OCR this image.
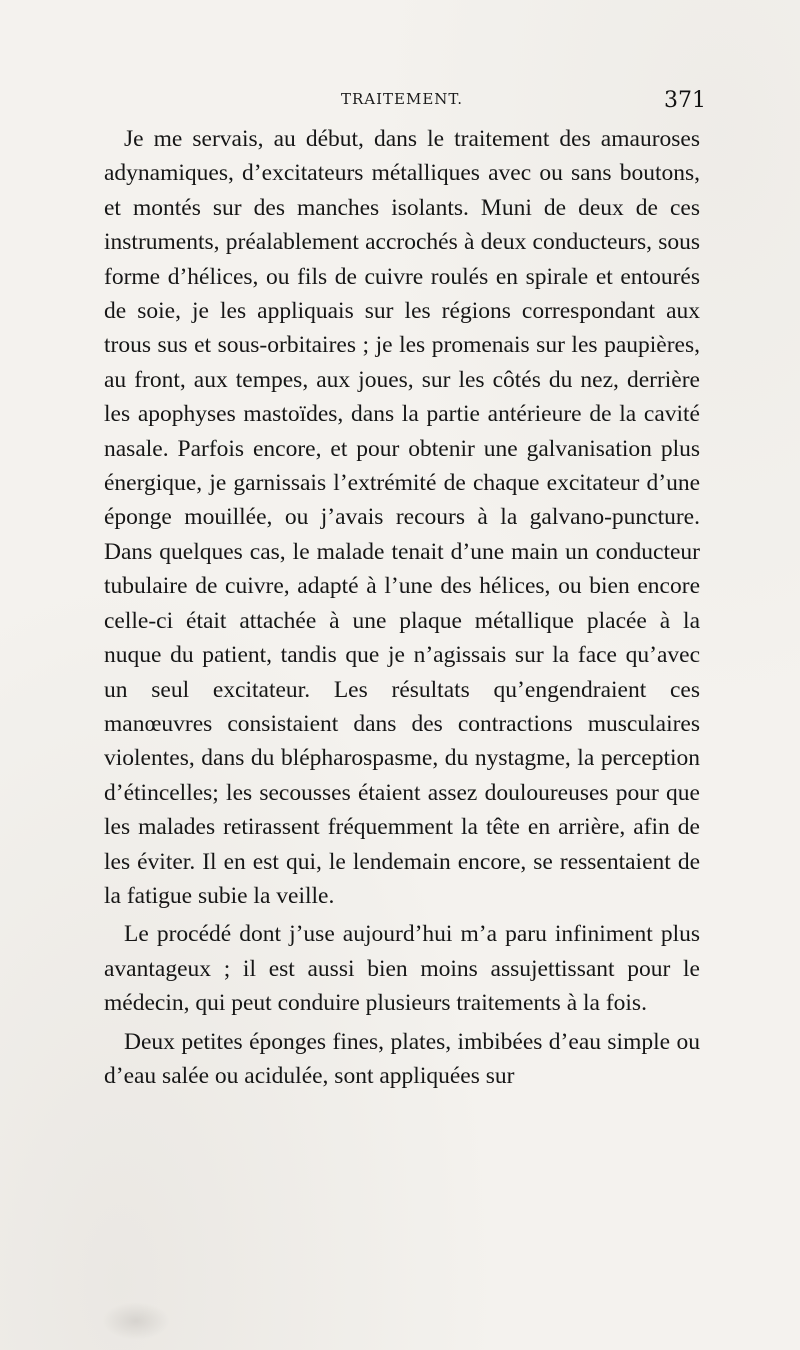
TRAITEMENT.	371

Je me servais, au début, dans le traitement des amauroses adynamiques, d’excitateurs métalliques avec ou sans boutons, et montés sur des manches isolants. Muni de deux de ces instruments, préalablement accrochés à deux conducteurs, sous forme d’hélices, ou fils de cuivre roulés en spirale et entourés de soie, je les appliquais sur les régions correspondant aux trous sus et sous-orbitaires ; je les promenais sur les paupières, au front, aux tempes, aux joues, sur les côtés du nez, derrière les apophyses mastoïdes, dans la partie antérieure de la cavité nasale. Parfois encore, et pour obtenir une galvanisation plus énergique, je garnissais l’extrémité de chaque excitateur d’une éponge mouillée, ou j’avais recours à la galvano-puncture. Dans quelques cas, le malade tenait d’une main un conducteur tubulaire de cuivre, adapté à l’une des hélices, ou bien encore celle-ci était attachée à une plaque métallique placée à la nuque du patient, tandis que je n’agissais sur la face qu’avec un seul excitateur. Les résultats qu’engendraient ces manœuvres consistaient dans des contractions musculaires violentes, dans du blépharospasme, du nystagme, la perception d’étincelles; les secousses étaient assez douloureuses pour que les malades retirassent fréquemment la tête en arrière, afin de les éviter. Il en est qui, le lendemain encore, se ressentaient de la fatigue subie la veille.

Le procédé dont j’use aujourd’hui m’a paru infiniment plus avantageux ; il est aussi bien moins assujettissant pour le médecin, qui peut conduire plusieurs traitements à la fois.

Deux petites éponges fines, plates, imbibées d’eau simple ou d’eau salée ou acidulée, sont appliquées sur
